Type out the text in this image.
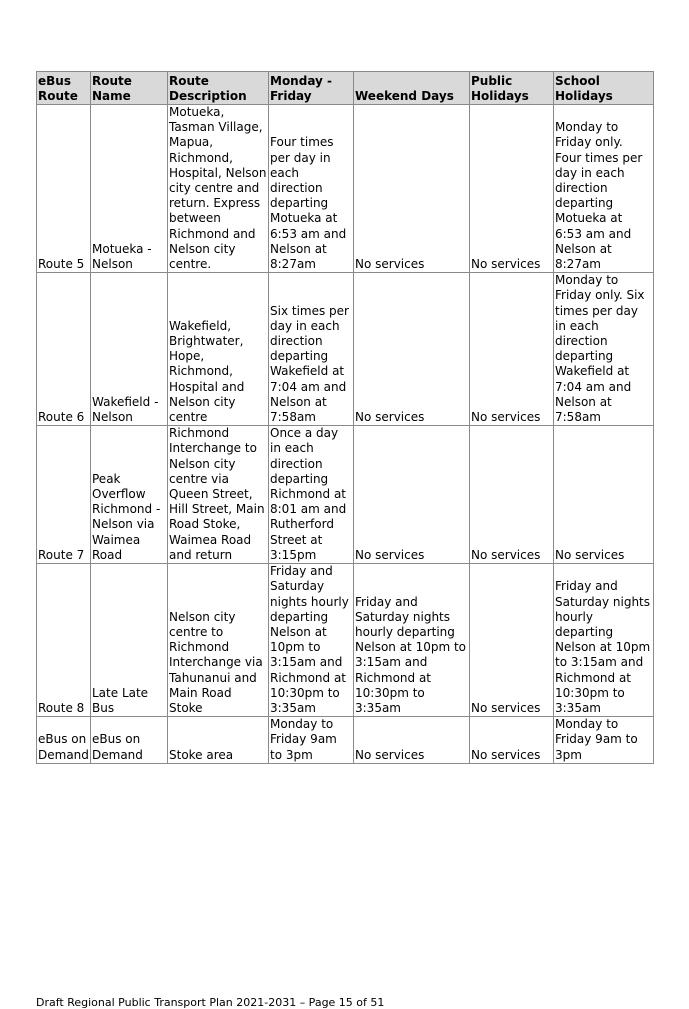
eBus Route	Route Name	Route Description	Monday - Friday	Weekend Days	Public Holidays	School Holidays
Route 5	Motueka - Nelson	Motueka, Tasman Village, Mapua, Richmond, Hospital, Nelson city centre and return. Express between Richmond and Nelson city centre.	Four times per day in each direction departing Motueka at 6:53 am and Nelson at 8:27am	No services	No services	Monday to Friday only. Four times per day in each direction departing Motueka at 6:53 am and Nelson at 8:27am
Route 6	Wakefield - Nelson	Wakefield, Brightwater, Hope, Richmond, Hospital and Nelson city centre	Six times per day in each direction departing Wakefield at 7:04 am and Nelson at 7:58am	No services	No services	Monday to Friday only. Six times per day in each direction departing Wakefield at 7:04 am and Nelson at 7:58am
Route 7	Peak Overflow Richmond - Nelson via Waimea Road	Richmond Interchange to Nelson city centre via Queen Street, Hill Street, Main Road Stoke, Waimea Road and return	Once a day in each direction departing Richmond at 8:01 am and Rutherford Street at 3:15pm	No services	No services	No services
Route 8	Late Late Bus	Nelson city centre to Richmond Interchange via Tahunanui and Main Road Stoke	Friday and Saturday nights hourly departing Nelson at 10pm to 3:15am and Richmond at 10:30pm to 3:35am	Friday and Saturday nights hourly departing Nelson at 10pm to 3:15am and Richmond at 10:30pm to 3:35am	No services	Friday and Saturday nights hourly departing Nelson at 10pm to 3:15am and Richmond at 10:30pm to 3:35am
eBus on Demand	eBus on Demand	Stoke area	Monday to Friday 9am to 3pm	No services	No services	Monday to Friday 9am to 3pm
Draft Regional Public Transport Plan 2021-2031 – Page 15 of 51
